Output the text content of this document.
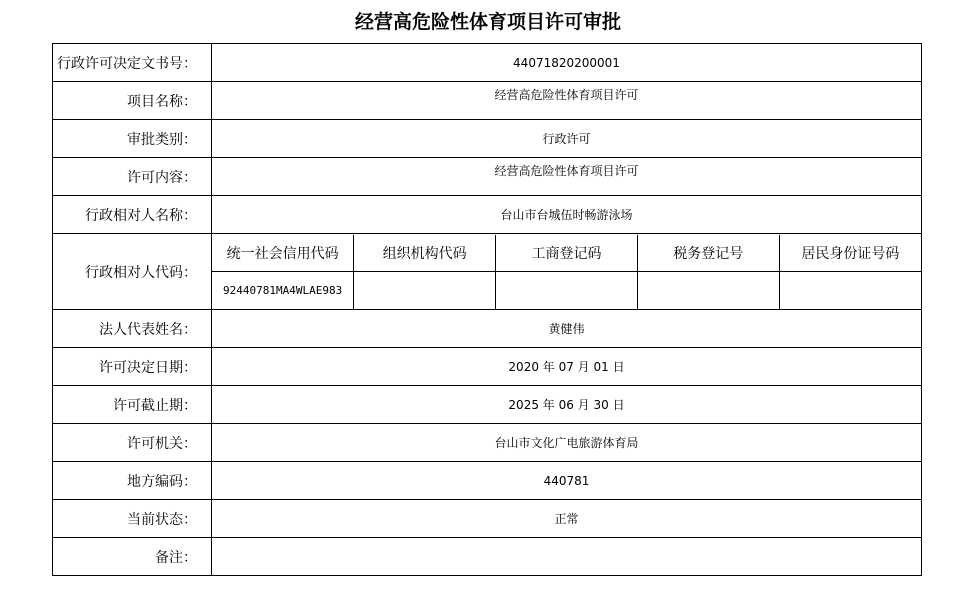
经营高危险性体育项目许可审批
行政许可决定文书号：	44071820200001
项目名称：	经营高危险性体育项目许可
审批类别：	行政许可
许可内容：	经营高危险性体育项目许可
行政相对人名称：	台山市台城伍时畅游泳场
行政相对人代码：	
统一社会信用代码	组织机构代码	工商登记码	税务登记号	居民身份证号码
92440781MA4WLAE983				

法人代表姓名：	黄健伟
许可决定日期：	2020 年 07 月 01 日
许可截止期：	2025 年 06 月 30 日
许可机关：	台山市文化广电旅游体育局
地方编码：	440781
当前状态：	正常
备注：	
